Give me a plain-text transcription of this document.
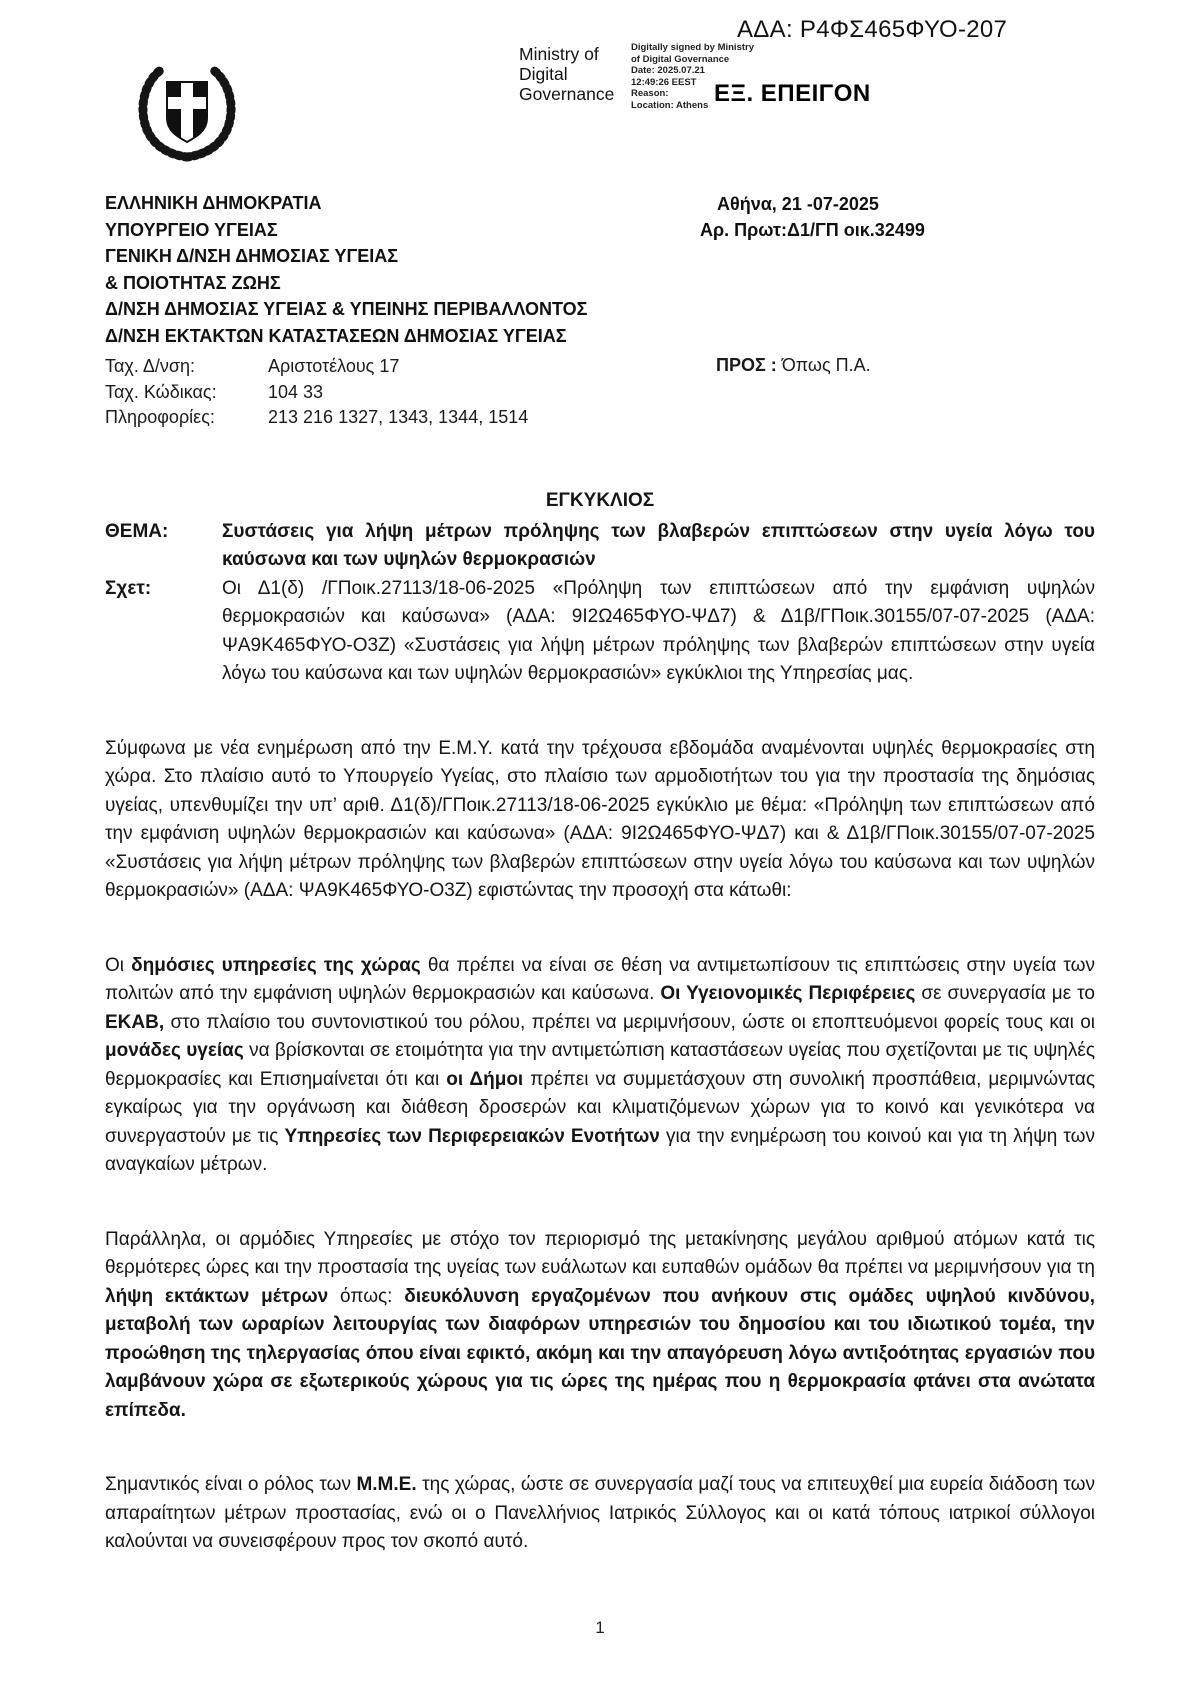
ΑΔΑ: Ρ4ΦΣ465ΦΥΟ-207
Ministry of
Digital
Governance
Digitally signed by Ministry
of Digital Governance
Date: 2025.07.21
12:49:26 EEST
Reason:
Location: Athens ΕΞ. ΕΠΕΙΓΟΝ
ΕΛΛΗΝΙΚΗ ΔΗΜΟΚΡΑΤΙΑ
ΥΠΟΥΡΓΕΙΟ ΥΓΕΙΑΣ
ΓΕΝΙΚΗ Δ/ΝΣΗ ΔΗΜΟΣΙΑΣ ΥΓΕΙΑΣ
& ΠΟΙΟΤΗΤΑΣ ΖΩΗΣ
Δ/ΝΣΗ ΔΗΜΟΣΙΑΣ ΥΓΕΙΑΣ & ΥΠΕΙΝΗΣ ΠΕΡΙΒΑΛΛΟΝΤΟΣ
Δ/ΝΣΗ ΕΚΤΑΚΤΩΝ ΚΑΤΑΣΤΑΣΕΩΝ ΔΗΜΟΣΙΑΣ ΥΓΕΙΑΣ
Ταχ. Δ/νση:	Αριστοτέλους 17
Ταχ. Κώδικας:	104 33
Πληροφορίες:	213 216 1327, 1343, 1344, 1514
Αθήνα, 21 -07-2025
Αρ. Πρωτ:Δ1/ΓΠ οικ.32499
ΠΡΟΣ : Όπως Π.Α.
ΕΓΚΥΚΛΙΟΣ
ΘΕΜΑ:	Συστάσεις για λήψη μέτρων πρόληψης των βλαβερών επιπτώσεων στην υγεία λόγω του καύσωνα και των υψηλών θερμοκρασιών
Σχετ:	Οι Δ1(δ) /ΓΠοικ.27113/18-06-2025 «Πρόληψη των επιπτώσεων από την εμφάνιση υψηλών θερμοκρασιών και καύσωνα» (ΑΔΑ: 9Ι2Ω465ΦΥΟ-ΨΔ7) & Δ1β/ΓΠοικ.30155/07-07-2025 (ΑΔΑ: ΨΑ9Κ465ΦΥΟ-Ο3Ζ) «Συστάσεις για λήψη μέτρων πρόληψης των βλαβερών επιπτώσεων στην υγεία λόγω του καύσωνα και των υψηλών θερμοκρασιών» εγκύκλιοι της Υπηρεσίας μας.
Σύμφωνα με νέα ενημέρωση από την Ε.Μ.Υ. κατά την τρέχουσα εβδομάδα αναμένονται υψηλές θερμοκρασίες στη χώρα. Στο πλαίσιο αυτό το Υπουργείο Υγείας, στο πλαίσιο των αρμοδιοτήτων του για την προστασία της δημόσιας υγείας, υπενθυμίζει την υπ’ αριθ. Δ1(δ)/ΓΠοικ.27113/18-06-2025 εγκύκλιο με θέμα: «Πρόληψη των επιπτώσεων από την εμφάνιση υψηλών θερμοκρασιών και καύσωνα» (ΑΔΑ: 9Ι2Ω465ΦΥΟ-ΨΔ7) και & Δ1β/ΓΠοικ.30155/07-07-2025 «Συστάσεις για λήψη μέτρων πρόληψης των βλαβερών επιπτώσεων στην υγεία λόγω του καύσωνα και των υψηλών θερμοκρασιών» (ΑΔΑ: ΨΑ9Κ465ΦΥΟ-Ο3Ζ) εφιστώντας την προσοχή στα κάτωθι:
Οι δημόσιες υπηρεσίες της χώρας θα πρέπει να είναι σε θέση να αντιμετωπίσουν τις επιπτώσεις στην υγεία των πολιτών από την εμφάνιση υψηλών θερμοκρασιών και καύσωνα. Οι Υγειονομικές Περιφέρειες σε συνεργασία με το ΕΚΑΒ, στο πλαίσιο του συντονιστικού του ρόλου, πρέπει να μεριμνήσουν, ώστε οι εποπτευόμενοι φορείς τους και οι μονάδες υγείας να βρίσκονται σε ετοιμότητα για την αντιμετώπιση καταστάσεων υγείας που σχετίζονται με τις υψηλές θερμοκρασίες και Επισημαίνεται ότι και οι Δήμοι πρέπει να συμμετάσχουν στη συνολική προσπάθεια, μεριμνώντας εγκαίρως για την οργάνωση και διάθεση δροσερών και κλιματιζόμενων χώρων για το κοινό και γενικότερα να συνεργαστούν με τις Υπηρεσίες των Περιφερειακών Ενοτήτων για την ενημέρωση του κοινού και για τη λήψη των αναγκαίων μέτρων.
Παράλληλα, οι αρμόδιες Υπηρεσίες με στόχο τον περιορισμό της μετακίνησης μεγάλου αριθμού ατόμων κατά τις θερμότερες ώρες και την προστασία της υγείας των ευάλωτων και ευπαθών ομάδων θα πρέπει να μεριμνήσουν για τη λήψη εκτάκτων μέτρων όπως: διευκόλυνση εργαζομένων που ανήκουν στις ομάδες υψηλού κινδύνου, μεταβολή των ωραρίων λειτουργίας των διαφόρων υπηρεσιών του δημοσίου και του ιδιωτικού τομέα, την προώθηση της τηλεργασίας όπου είναι εφικτό, ακόμη και την απαγόρευση λόγω αντιξοότητας εργασιών που λαμβάνουν χώρα σε εξωτερικούς χώρους για τις ώρες της ημέρας που η θερμοκρασία φτάνει στα ανώτατα επίπεδα.
Σημαντικός είναι ο ρόλος των Μ.Μ.Ε. της χώρας, ώστε σε συνεργασία μαζί τους να επιτευχθεί μια ευρεία διάδοση των απαραίτητων μέτρων προστασίας, ενώ οι ο Πανελλήνιος Ιατρικός Σύλλογος και οι κατά τόπους ιατρικοί σύλλογοι καλούνται να συνεισφέρουν προς τον σκοπό αυτό.
1
